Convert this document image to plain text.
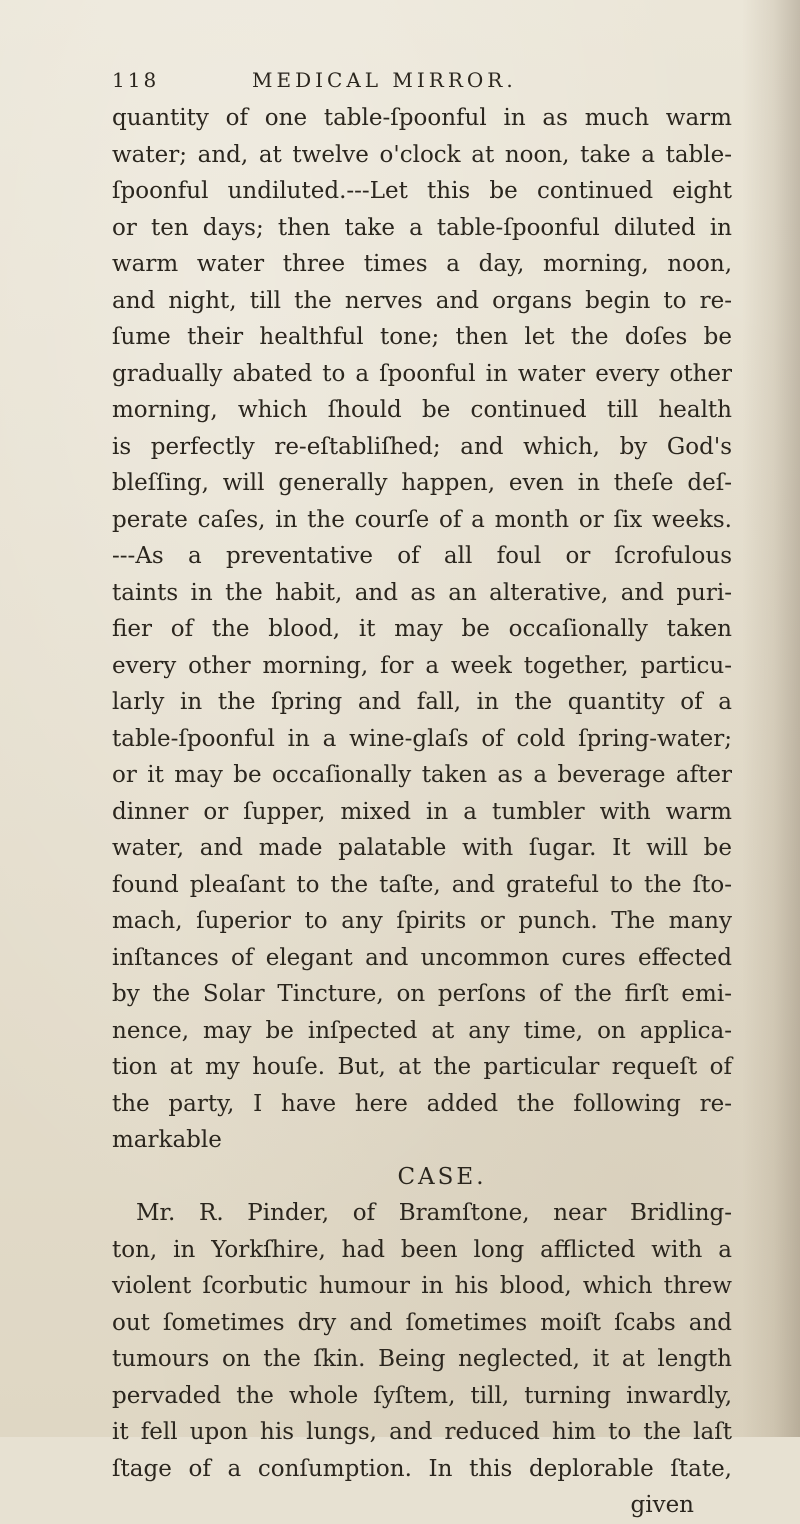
118	MEDICAL MIRROR.
quantity of one table-ſpoonful in as much warm
water; and, at twelve o'clock at noon, take a table-
ſpoonful undiluted.---Let this be continued eight
or ten days; then take a table-ſpoonful diluted in
warm water three times a day, morning, noon,
and night, till the nerves and organs begin to re-
ſume their healthful tone; then let the doſes be
gradually abated to a ſpoonful in water every other
morning, which ſhould be continued till health
is perfectly re-eſtabliſhed; and which, by God's
bleſſing, will generally happen, even in theſe deſ-
perate caſes, in the courſe of a month or ſix weeks.
---As a preventative of all foul or ſcrofulous
taints in the habit, and as an alterative, and puri-
fier of the blood, it may be occaſionally taken
every other morning, for a week together, particu-
larly in the ſpring and fall, in the quantity of a
table-ſpoonful in a wine-glaſs of cold ſpring-water;
or it may be occaſionally taken as a beverage after
dinner or ſupper, mixed in a tumbler with warm
water, and made palatable with ſugar. It will be
found pleaſant to the taſte, and grateful to the ſto-
mach, ſuperior to any ſpirits or punch. The many
inſtances of elegant and uncommon cures effected
by the Solar Tincture, on perſons of the firſt emi-
nence, may be inſpected at any time, on applica-
tion at my houſe. But, at the particular requeſt of
the party, I have here added the following re-
markable
CASE.
Mr. R. Pinder, of Bramſtone, near Bridling-
ton, in Yorkſhire, had been long afflicted with a
violent ſcorbutic humour in his blood, which threw
out ſometimes dry and ſometimes moiſt ſcabs and
tumours on the ſkin. Being neglected, it at length
pervaded the whole ſyſtem, till, turning inwardly,
it fell upon his lungs, and reduced him to the laſt
ſtage of a conſumption. In this deplorable ſtate,
given
